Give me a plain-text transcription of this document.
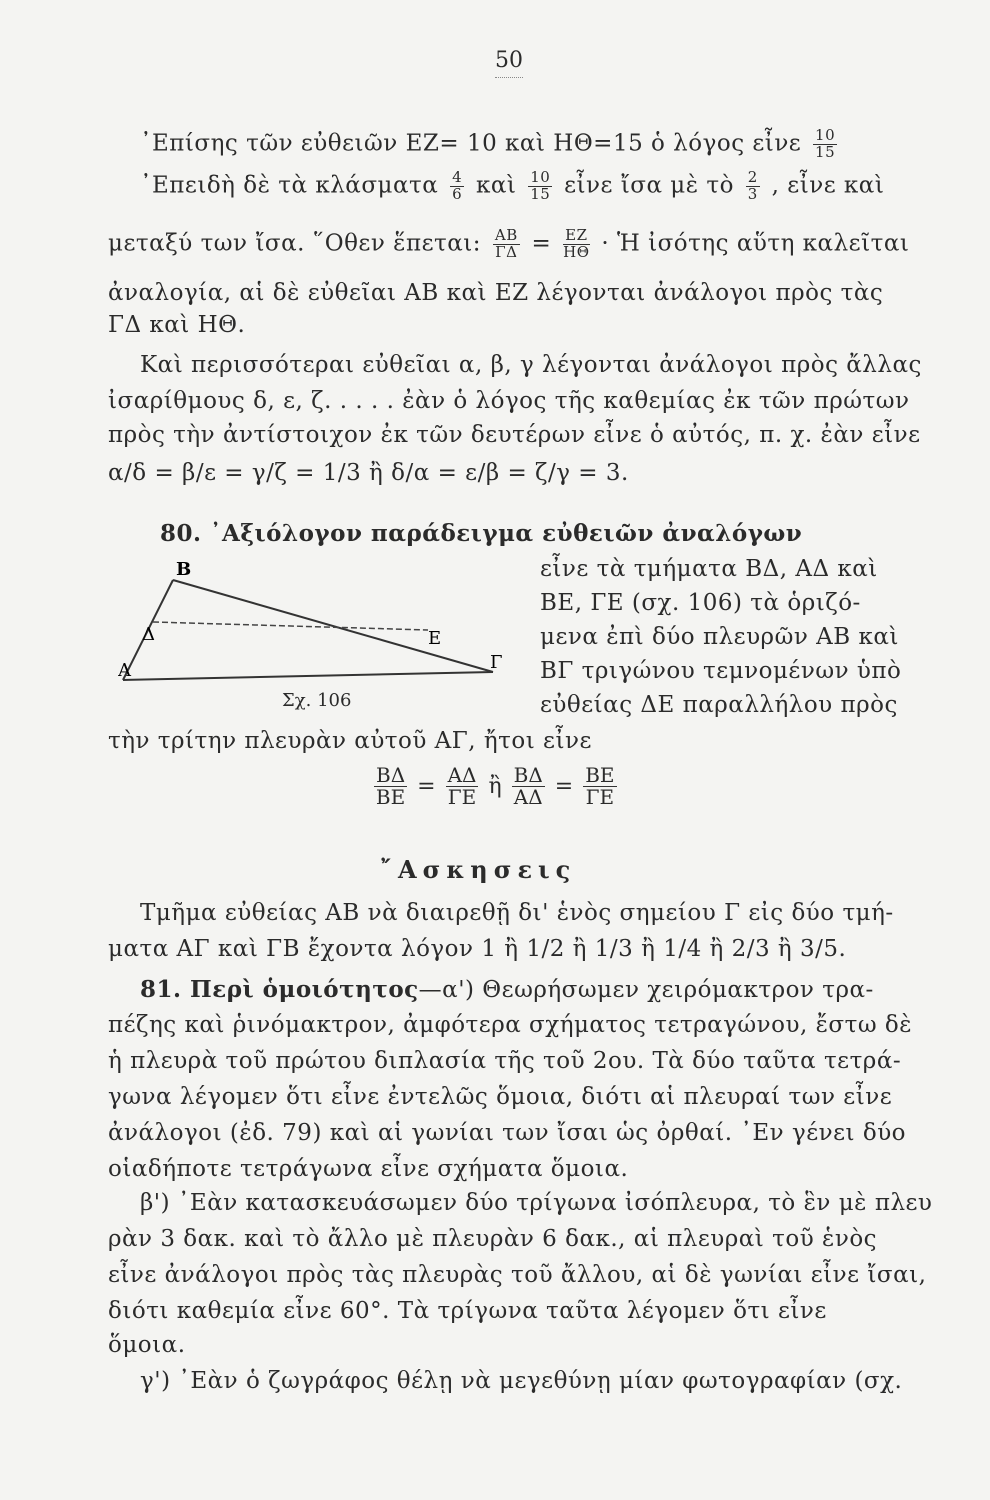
50
᾿Επίσης τῶν εὐθειῶν ΕΖ= 10 καὶ ΗΘ=15 ὁ λόγος εἶνε $\frac{10}{15}$
᾿Επειδὴ δὲ τὰ κλάσματα $\frac{4}{6}$ καὶ $\frac{10}{15}$ εἶνε ἴσα μὲ τὸ $\frac{2}{3}$ , εἶνε καὶ
μεταξύ των ἴσα. ῞Οθεν ἕπεται: $\frac{AB}{\Gamma\Delta} = \frac{EZ}{H\Theta}$ · Ἡ ἰσότης αὕτη καλεῖται
ἀναλογία, αἱ δὲ εὐθεῖαι ΑΒ καὶ ΕΖ λέγονται ἀνάλογοι πρὸς τὰς
ΓΔ καὶ ΗΘ.
Καὶ περισσότεραι εὐθεῖαι α, β, γ λέγονται ἀνάλογοι πρὸς ἄλλας
ἰσαρίθμους δ, ε, ζ. . . . . ἐὰν ὁ λόγος τῆς καθεμίας ἐκ τῶν πρώτων
πρὸς τὴν ἀντίστοιχον ἐκ τῶν δευτέρων εἶνε ὁ αὐτός, π. χ. ἐὰν εἶνε
α/δ = β/ε = γ/ζ = 1/3 ἢ δ/α = ε/β = ζ/γ = 3.
80. ᾿Αξιόλογον παράδειγμα εὐθειῶν ἀναλόγων
Β
Δ	Ε
Α	Γ
Σχ. 106
εἶνε τὰ τμήματα ΒΔ, ΑΔ καὶ
ΒΕ, ΓΕ (σχ. 106) τὰ ὁριζό-
μενα ἐπὶ δύο πλευρῶν ΑΒ καὶ
ΒΓ τριγώνου τεμνομένων ὑπὸ
εὐθείας ΔΕ παραλλήλου πρὸς
τὴν τρίτην πλευρὰν αὐτοῦ ΑΓ, ἤτοι εἶνε
$\frac{B\Delta}{BE} = \frac{A\Delta}{\Gamma E}$ ἢ $\frac{B\Delta}{A\Delta} = \frac{BE}{\Gamma E}$
῎Ασκησεις
Τμῆμα εὐθείας ΑΒ νὰ διαιρεθῇ δι' ἑνὸς σημείου Γ εἰς δύο τμή-
ματα ΑΓ καὶ ΓΒ ἔχοντα λόγον 1 ἢ 1/2 ἢ 1/3 ἢ 1/4 ἢ 2/3 ἢ 3/5.
81. Περὶ ὁμοιότητος—α') Θεωρήσωμεν χειρόμακτρον τρα-
πέζης καὶ ῥινόμακτρον, ἀμφότερα σχήματος τετραγώνου, ἔστω δὲ
ἡ πλευρὰ τοῦ πρώτου διπλασία τῆς τοῦ 2ου. Τὰ δύο ταῦτα τετρά-
γωνα λέγομεν ὅτι εἶνε ἐντελῶς ὅμοια, διότι αἱ πλευραί των εἶνε
ἀνάλογοι (ἐδ. 79) καὶ αἱ γωνίαι των ἴσαι ὡς ὀρθαί. ᾿Εν γένει δύο
οἱαδήποτε τετράγωνα εἶνε σχήματα ὅμοια.
β') ᾿Εὰν κατασκευάσωμεν δύο τρίγωνα ἰσόπλευρα, τὸ ἓν μὲ πλευ
ρὰν 3 δακ. καὶ τὸ ἄλλο μὲ πλευρὰν 6 δακ., αἱ πλευραὶ τοῦ ἑνὸς
εἶνε ἀνάλογοι πρὸς τὰς πλευρὰς τοῦ ἄλλου, αἱ δὲ γωνίαι εἶνε ἴσαι,
διότι καθεμία εἶνε 60°. Τὰ τρίγωνα ταῦτα λέγομεν ὅτι εἶνε
ὅμοια.
γ') ᾿Εὰν ὁ ζωγράφος θέλῃ νὰ μεγεθύνῃ μίαν φωτογραφίαν (σχ.
